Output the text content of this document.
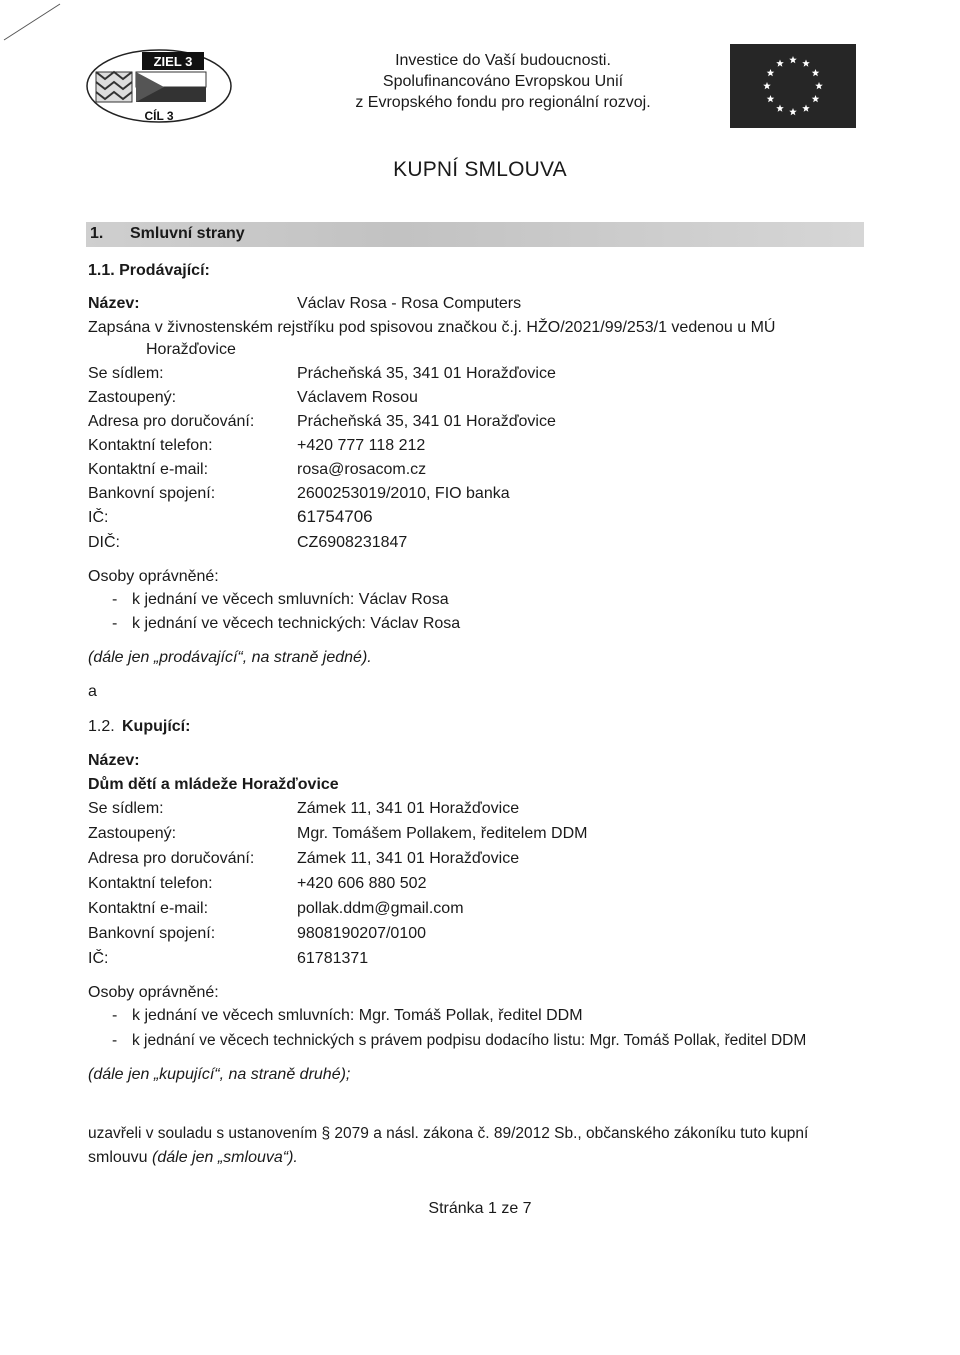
ZIEL 3
CÍL 3
Investice do Vaší budoucnosti.
Spolufinancováno Evropskou Unií
z Evropského fondu pro regionální rozvoj.
KUPNÍ SMLOUVA
1. Smluvní strany
1.1. Prodávající:
Název:	Václav Rosa - Rosa Computers
Zapsána v živnostenském rejstříku pod spisovou značkou č.j. HŽO/2021/99/253/1 vedenou u MÚ
Horažďovice
Se sídlem:	Prácheňská 35, 341 01 Horažďovice
Zastoupený:	Václavem Rosou
Adresa pro doručování:	Prácheňská 35, 341 01 Horažďovice
Kontaktní telefon:	+420 777 118 212
Kontaktní e-mail:	rosa@rosacom.cz
Bankovní spojení:	2600253019/2010, FIO banka
IČ:	61754706
DIČ:	CZ6908231847
Osoby oprávněné:
- k jednání ve věcech smluvních: Václav Rosa
- k jednání ve věcech technických: Václav Rosa
(dále jen „prodávající“, na straně jedné).
a
1.2. Kupující:
Název:
Dům dětí a mládeže Horažďovice
Se sídlem:	Zámek 11, 341 01 Horažďovice
Zastoupený:	Mgr. Tomášem Pollakem, ředitelem DDM
Adresa pro doručování:	Zámek 11, 341 01 Horažďovice
Kontaktní telefon:	+420 606 880 502
Kontaktní e-mail:	pollak.ddm@gmail.com
Bankovní spojení:	9808190207/0100
IČ:	61781371
Osoby oprávněné:
- k jednání ve věcech smluvních: Mgr. Tomáš Pollak, ředitel DDM
- k jednání ve věcech technických s právem podpisu dodacího listu: Mgr. Tomáš Pollak, ředitel DDM
(dále jen „kupující“, na straně druhé);
uzavřeli v souladu s ustanovením § 2079 a násl. zákona č. 89/2012 Sb., občanského zákoníku tuto kupní
smlouvu (dále jen „smlouva“).
Stránka 1 ze 7
